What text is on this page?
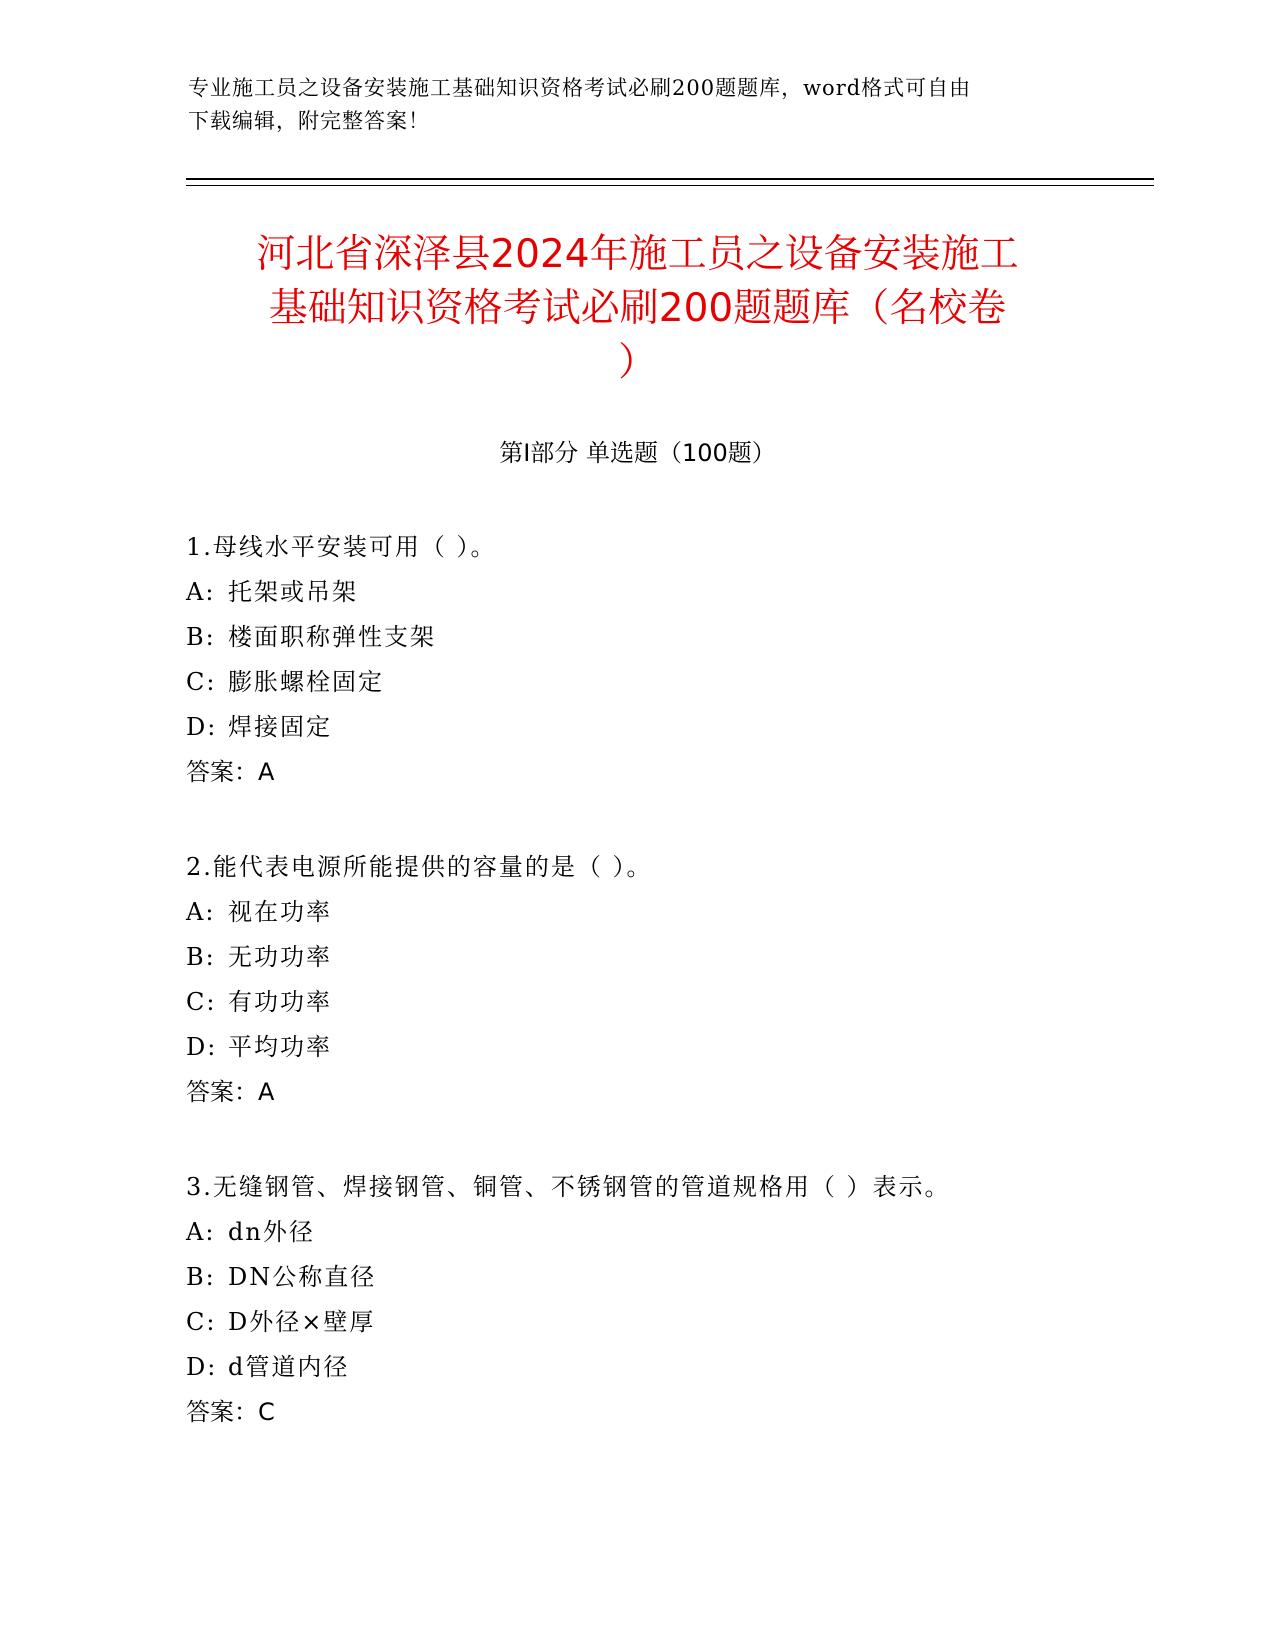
专业施工员之设备安装施工基础知识资格考试必刷200题题库，word格式可自由
下载编辑，附完整答案！
河北省深泽县2024年施工员之设备安装施工
基础知识资格考试必刷200题题库（名校卷
）
第Ⅰ部分 单选题（100题）
1.母线水平安装可用（ ）。
A: 托架或吊架
B: 楼面职称弹性支架
C: 膨胀螺栓固定
D: 焊接固定
答案：A
2.能代表电源所能提供的容量的是（ ）。
A: 视在功率
B: 无功功率
C: 有功功率
D: 平均功率
答案：A
3.无缝钢管、焊接钢管、铜管、不锈钢管的管道规格用（ ）表示。
A: dn外径
B: DN公称直径
C: D外径×壁厚
D: d管道内径
答案：C
